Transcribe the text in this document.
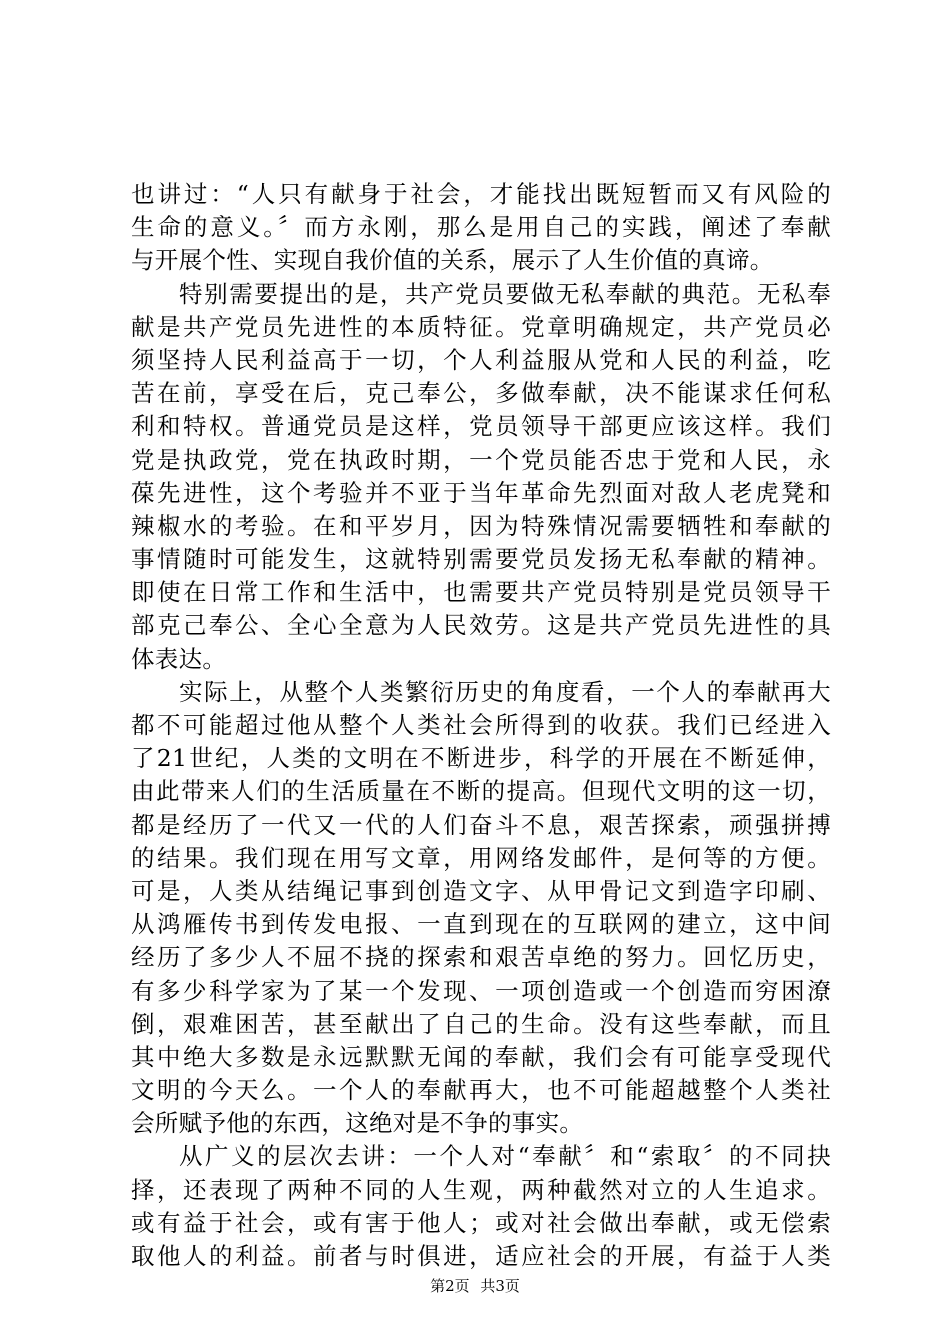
也讲过：“人只有献身于社会，才能找出既短暂而又有风险的
生命的意义。〞而方永刚，那么是用自己的实践，阐述了奉献
与开展个性、实现自我价值的关系，展示了人生价值的真谛。
特别需要提出的是，共产党员要做无私奉献的典范。无私奉
献是共产党员先进性的本质特征。党章明确规定，共产党员必
须坚持人民利益高于一切，个人利益服从党和人民的利益，吃
苦在前，享受在后，克己奉公，多做奉献，决不能谋求任何私
利和特权。普通党员是这样，党员领导干部更应该这样。我们
党是执政党，党在执政时期，一个党员能否忠于党和人民，永
葆先进性，这个考验并不亚于当年革命先烈面对敌人老虎凳和
辣椒水的考验。在和平岁月，因为特殊情况需要牺牲和奉献的
事情随时可能发生，这就特别需要党员发扬无私奉献的精神。
即使在日常工作和生活中，也需要共产党员特别是党员领导干
部克己奉公、全心全意为人民效劳。这是共产党员先进性的具
体表达。
实际上，从整个人类繁衍历史的角度看，一个人的奉献再大
都不可能超过他从整个人类社会所得到的收获。我们已经进入
了21世纪，人类的文明在不断进步，科学的开展在不断延伸，
由此带来人们的生活质量在不断的提高。但现代文明的这一切，
都是经历了一代又一代的人们奋斗不息，艰苦探索，顽强拼搏
的结果。我们现在用写文章，用网络发邮件，是何等的方便。
可是，人类从结绳记事到创造文字、从甲骨记文到造字印刷、
从鸿雁传书到传发电报、一直到现在的互联网的建立，这中间
经历了多少人不屈不挠的探索和艰苦卓绝的努力。回忆历史，
有多少科学家为了某一个发现、一项创造或一个创造而穷困潦
倒，艰难困苦，甚至献出了自己的生命。没有这些奉献，而且
其中绝大多数是永远默默无闻的奉献，我们会有可能享受现代
文明的今天么。一个人的奉献再大，也不可能超越整个人类社
会所赋予他的东西，这绝对是不争的事实。
从广义的层次去讲：一个人对“奉献〞和“索取〞的不同抉
择，还表现了两种不同的人生观，两种截然对立的人生追求。
或有益于社会，或有害于他人；或对社会做出奉献，或无偿索
取他人的利益。前者与时俱进，适应社会的开展，有益于人类
第2页 共3页
